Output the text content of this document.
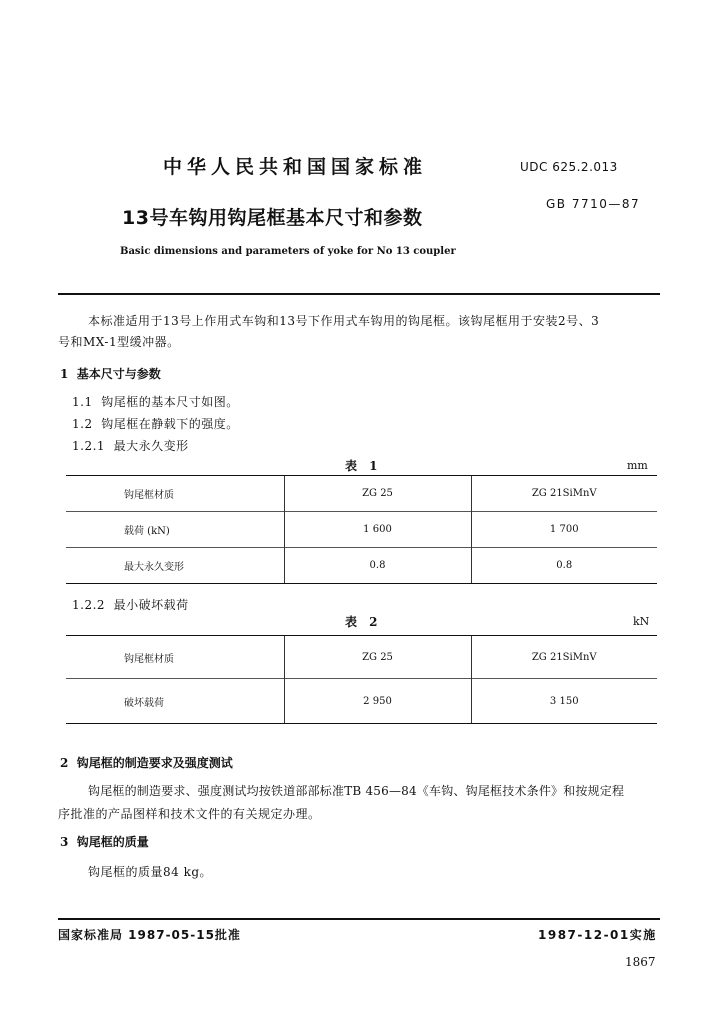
中华人民共和国国家标准	UDC 625.2.013
GB 7710—87
13号车钩用钩尾框基本尺寸和参数
Basic dimensions and parameters of yoke for No 13 coupler

本标准适用于13号上作用式车钩和13号下作用式车钩用的钩尾框。该钩尾框用于安装2号、3

号和MX-1型缓冲器。

1  基本尺寸与参数

1.1  钩尾框的基本尺寸如图。

1.2  钩尾框在静载下的强度。

1.2.1  最大永久变形

表 1	mm
钩尾框材质	ZG 25	ZG 21SiMnV
载荷 (kN)	1 600	1 700
最大永久变形	0.8	0.8

1.2.2  最小破坏载荷

表 2	kN
钩尾框材质	ZG 25	ZG 21SiMnV
破坏载荷	2 950	3 150
2  钩尾框的制造要求及强度测试

钩尾框的制造要求、强度测试均按铁道部部标准TB 456—84《车钩、钩尾框技术条件》和按规定程

序批准的产品图样和技术文件的有关规定办理。

3  钩尾框的质量

钩尾框的质量84 kg。

国家标准局 1987-05-15批准	1987-12-01实施
1867
